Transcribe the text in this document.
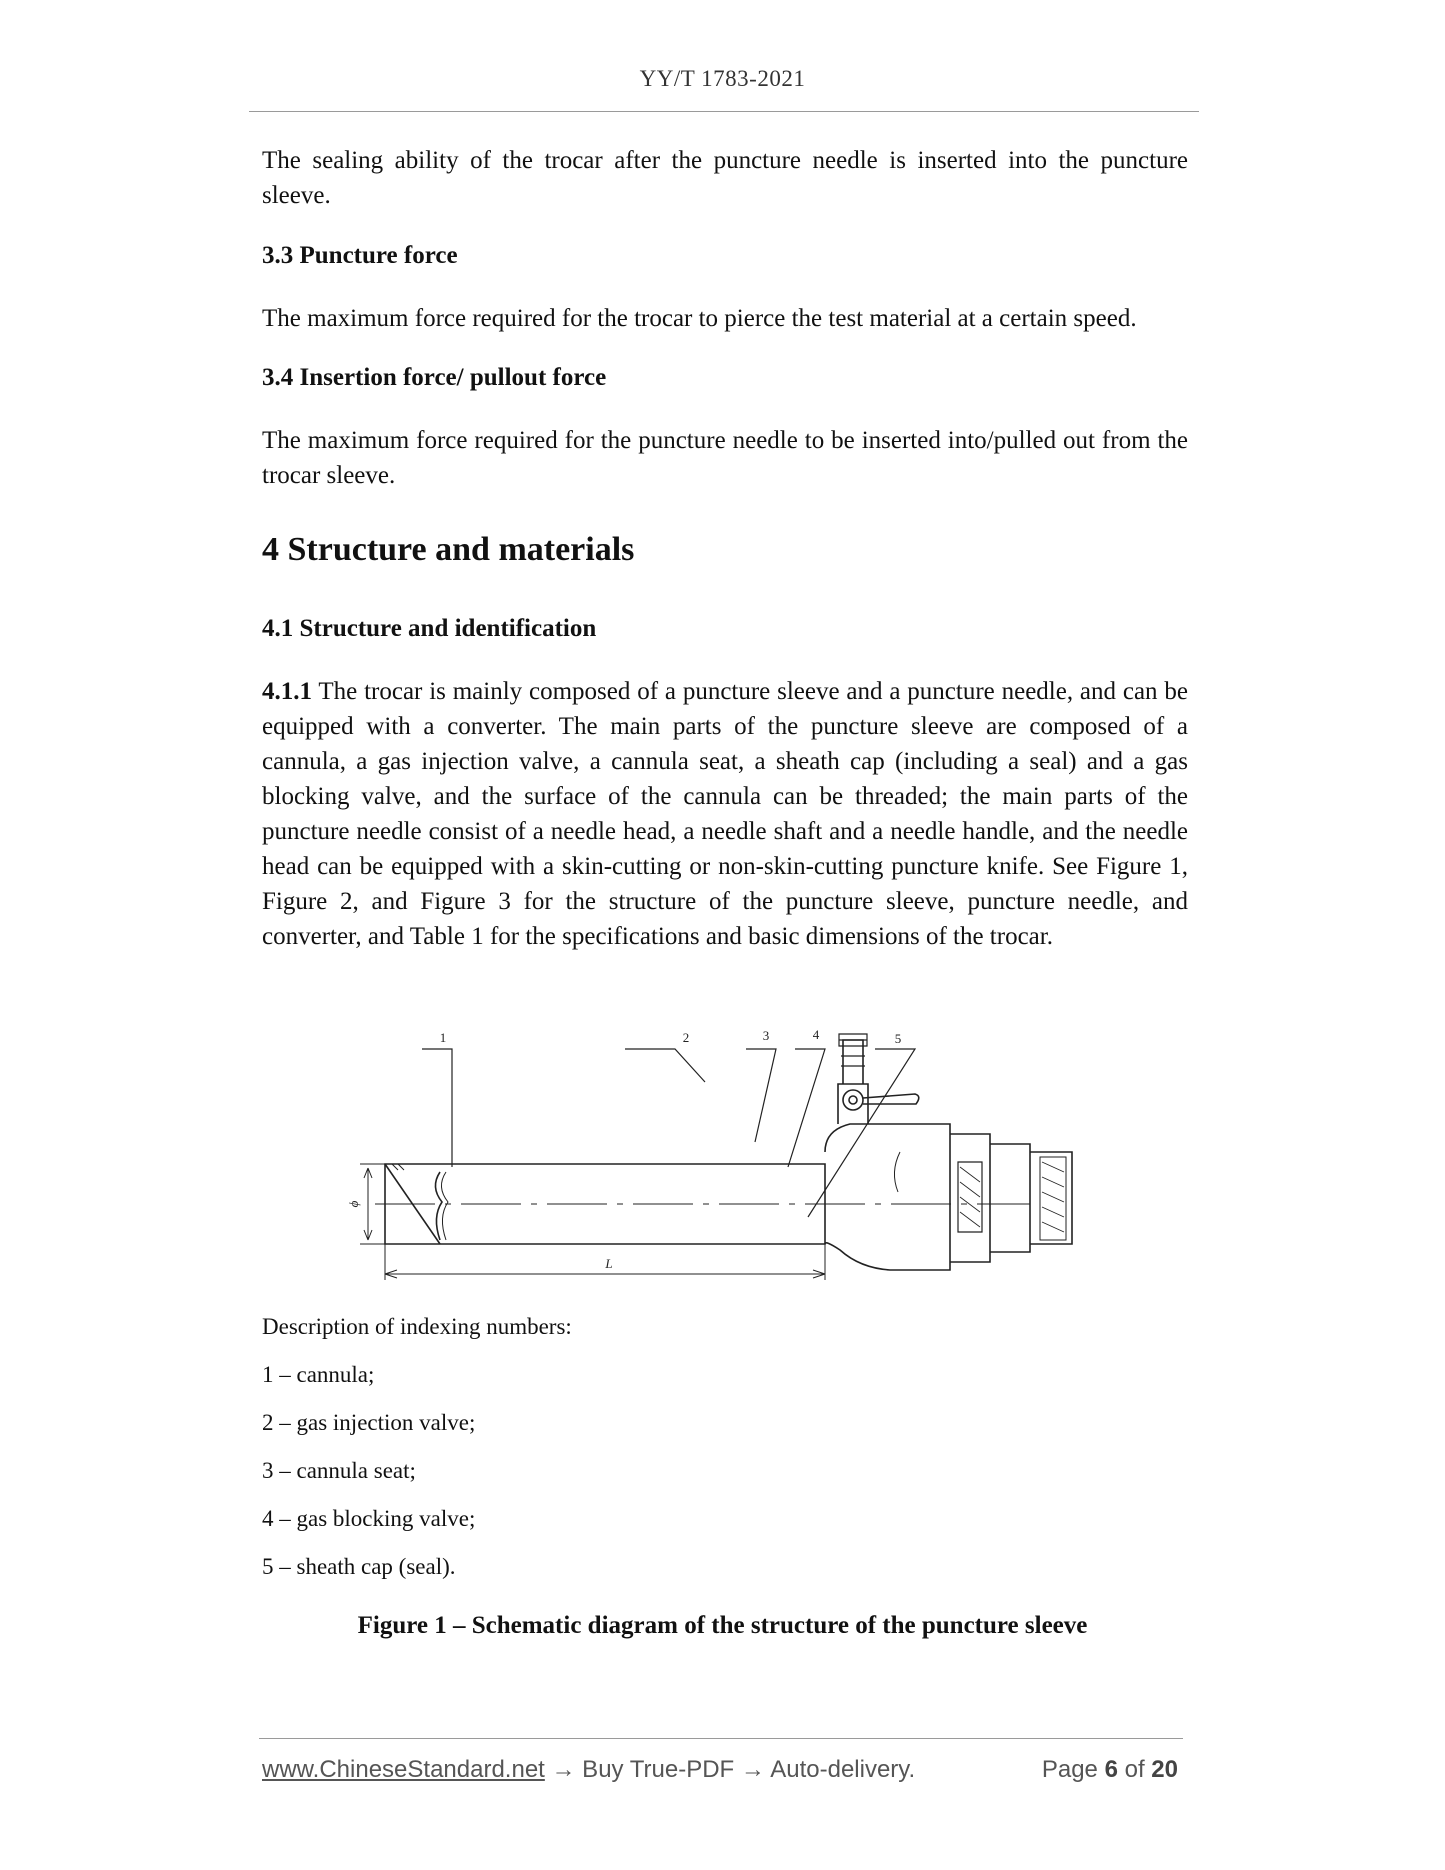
YY/T 1783-2021
The sealing ability of the trocar after the puncture needle is inserted into the puncture sleeve.
3.3 Puncture force
The maximum force required for the trocar to pierce the test material at a certain speed.
3.4 Insertion force/ pullout force
The maximum force required for the puncture needle to be inserted into/pulled out from the trocar sleeve.
4 Structure and materials
4.1 Structure and identification
4.1.1 The trocar is mainly composed of a puncture sleeve and a puncture needle, and can be equipped with a converter. The main parts of the puncture sleeve are composed of a cannula, a gas injection valve, a cannula seat, a sheath cap (including a seal) and a gas blocking valve, and the surface of the cannula can be threaded; the main parts of the puncture needle consist of a needle head, a needle shaft and a needle handle, and the needle head can be equipped with a skin-cutting or non-skin-cutting puncture knife. See Figure 1, Figure 2, and Figure 3 for the structure of the puncture sleeve, puncture needle, and converter, and Table 1 for the specifications and basic dimensions of the trocar.
1	2	3	4	5
ϕ
L
Description of indexing numbers:
1 – cannula;
2 – gas injection valve;
3 – cannula seat;
4 – gas blocking valve;
5 – sheath cap (seal).
Figure 1 – Schematic diagram of the structure of the puncture sleeve
www.ChineseStandard.net → Buy True-PDF → Auto-delivery.	Page 6 of 20
